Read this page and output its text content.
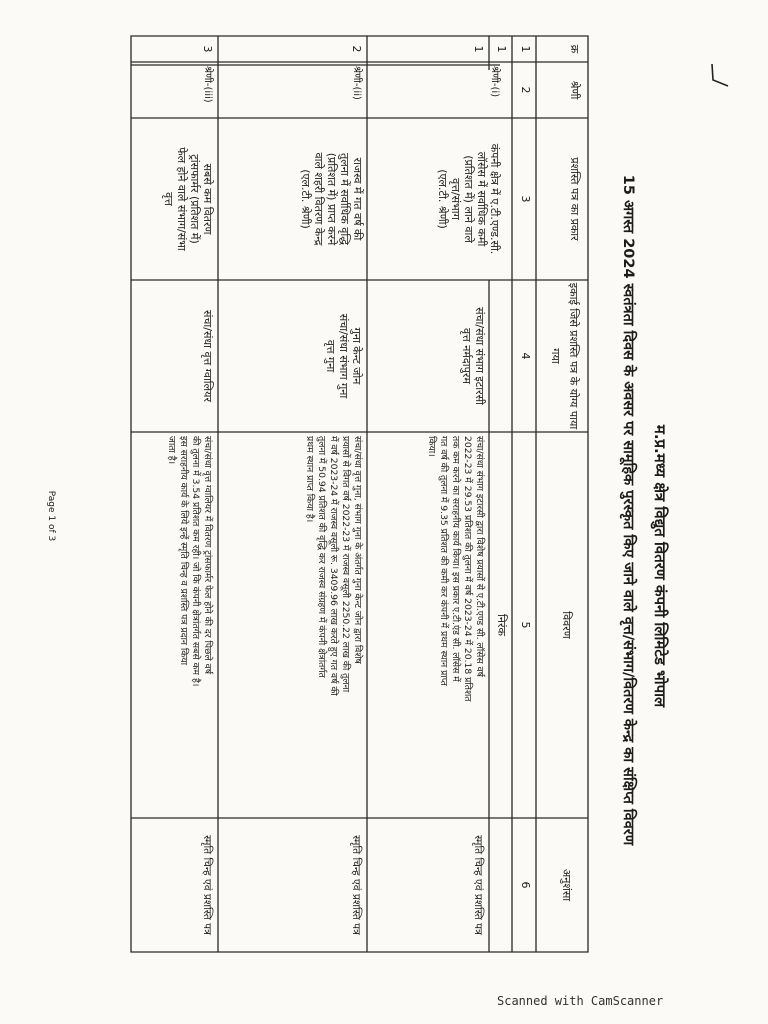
म.प्र.मध्य क्षेत्र विद्युत वितरण कंपनी लिमिटेड भोपाल
15 अगस्त 2024 स्वतंत्रता दिवस के अवसर पर सामूहिक पुरस्कृत किए जाने वाले वृत्त/संभाग/वितरण केन्द्र का संक्षिप्त विवरण
क्र
श्रेणी
प्रशस्ति पत्र का प्रकार
इकाई जिसे प्रशस्ति पत्र के योग्य पाया गया
विवरण
अनुशंसा
1
2
3
4
5
6
1
निरंक
1
श्रेणी-(i)
कंपनी क्षेत्र में ए.टी.एण्ड.सी.
लॉसेस में सर्वाधिक कमी
(प्रतिशत में) लाने वाले
वृत्त/संभाग
(एल.टी. श्रेणी)
संचा/संधा संभाग इटारसी
वृत्त नर्मदापुरम
संचा/संधा संभाग इटारसी द्वारा विशेष प्रयासों से ए.टी.एण्ड सी. लॉसेस वर्ष
2022-23 में 29.53 प्रतिशत की तुलना में वर्ष 2023-24 में 20.18 प्रतिशत
तक कम करने का सराहनीय कार्य किया। इस प्रकार ए.टी.एंड सी. लॉसेस में
गत वर्ष की तुलना में 9.35 प्रतिशत की कमी कर कंपनी में प्रथम स्थान प्राप्त
किया।
स्मृति चिन्ह एवं प्रशस्ति पत्र
2
श्रेणी-(ii)
राजस्व में गत वर्ष की
तुलना में सर्वाधिक वृद्धि
(प्रतिशत में) प्राप्त करने
वाले शहरी वितरण केन्द्र
(एल.टी. श्रेणी)
गुना केन्ट जोन
संचा/संधा संभाग गुना
वृत्त गुना
संचा/संधा वृत्त गुना, संभाग गुना के अंतर्गत गुना केन्ट जोन द्वारा विशेष
प्रयासों से विगत वर्ष 2022-23 में राजस्व वसूली 2250.22 लाख की तुलना
में वर्ष 2023-24 में राजस्व वसूली रू. 3409.96 लाख करते हुए गत वर्ष की
तुलना में 50.94 प्रतिशत की वृद्धि कर राजस्व संग्रहण में कंपनी क्षेत्रांतर्गत
प्रथम स्थान प्राप्त किया है।
स्मृति चिन्ह एवं प्रशस्ति पत्र
3
श्रेणी-(iii)
सबसे कम वितरण
ट्रांसफार्मर (प्रतिशत में)
फेल होने वाले संभाग/संभा
वृत्त
संचा/संधा वृत्त ग्वालियर
संचा/संधा वृत्त ग्वालियर में वितरण ट्रांसफार्मर फेल होने की दर पिछले वर्ष
की तुलना में 3.54 प्रतिशत कम रही। जो कि कंपनी क्षेत्रांतर्गत सबसे कम है।
इस सराहनीय कार्य के लिये इन्हें स्मृति चिन्ह व प्रशस्ति पत्र प्रदान किया
जाता है।
स्मृति चिन्ह एवं प्रशस्ति पत्र
Page 1 of 3
Scanned with CamScanner
